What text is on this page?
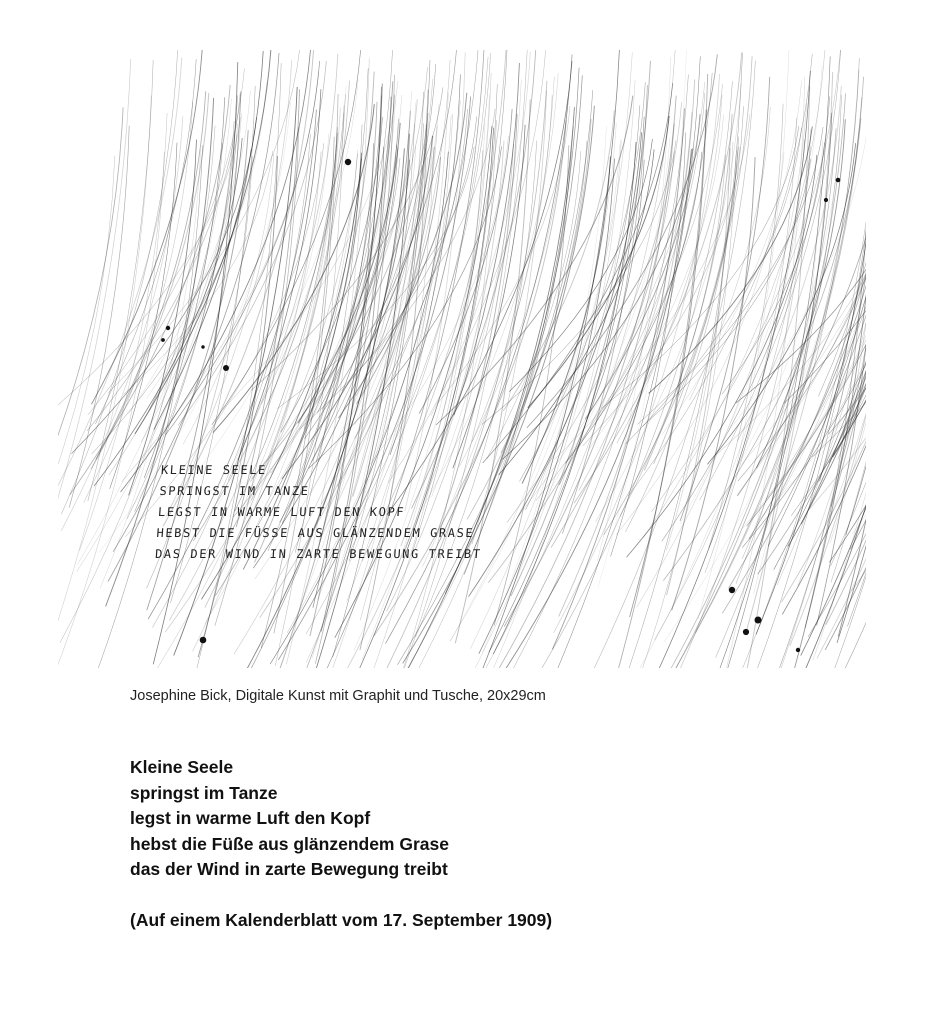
KLEINE SEELE
SPRINGST IM TANZE
LEGST IN WARME LUFT DEN KOPF
HEBST DIE FÜSSE AUS GLÄNZENDEM GRASE
DAS DER WIND IN ZARTE BEWEGUNG TREIBT
Josephine Bick, Digitale Kunst mit Graphit und Tusche, 20x29cm
Kleine Seele
springst im Tanze
legst in warme Luft den Kopf
hebst die Füße aus glänzendem Grase
das der Wind in zarte Bewegung treibt
(Auf einem Kalenderblatt vom 17. September 1909)
